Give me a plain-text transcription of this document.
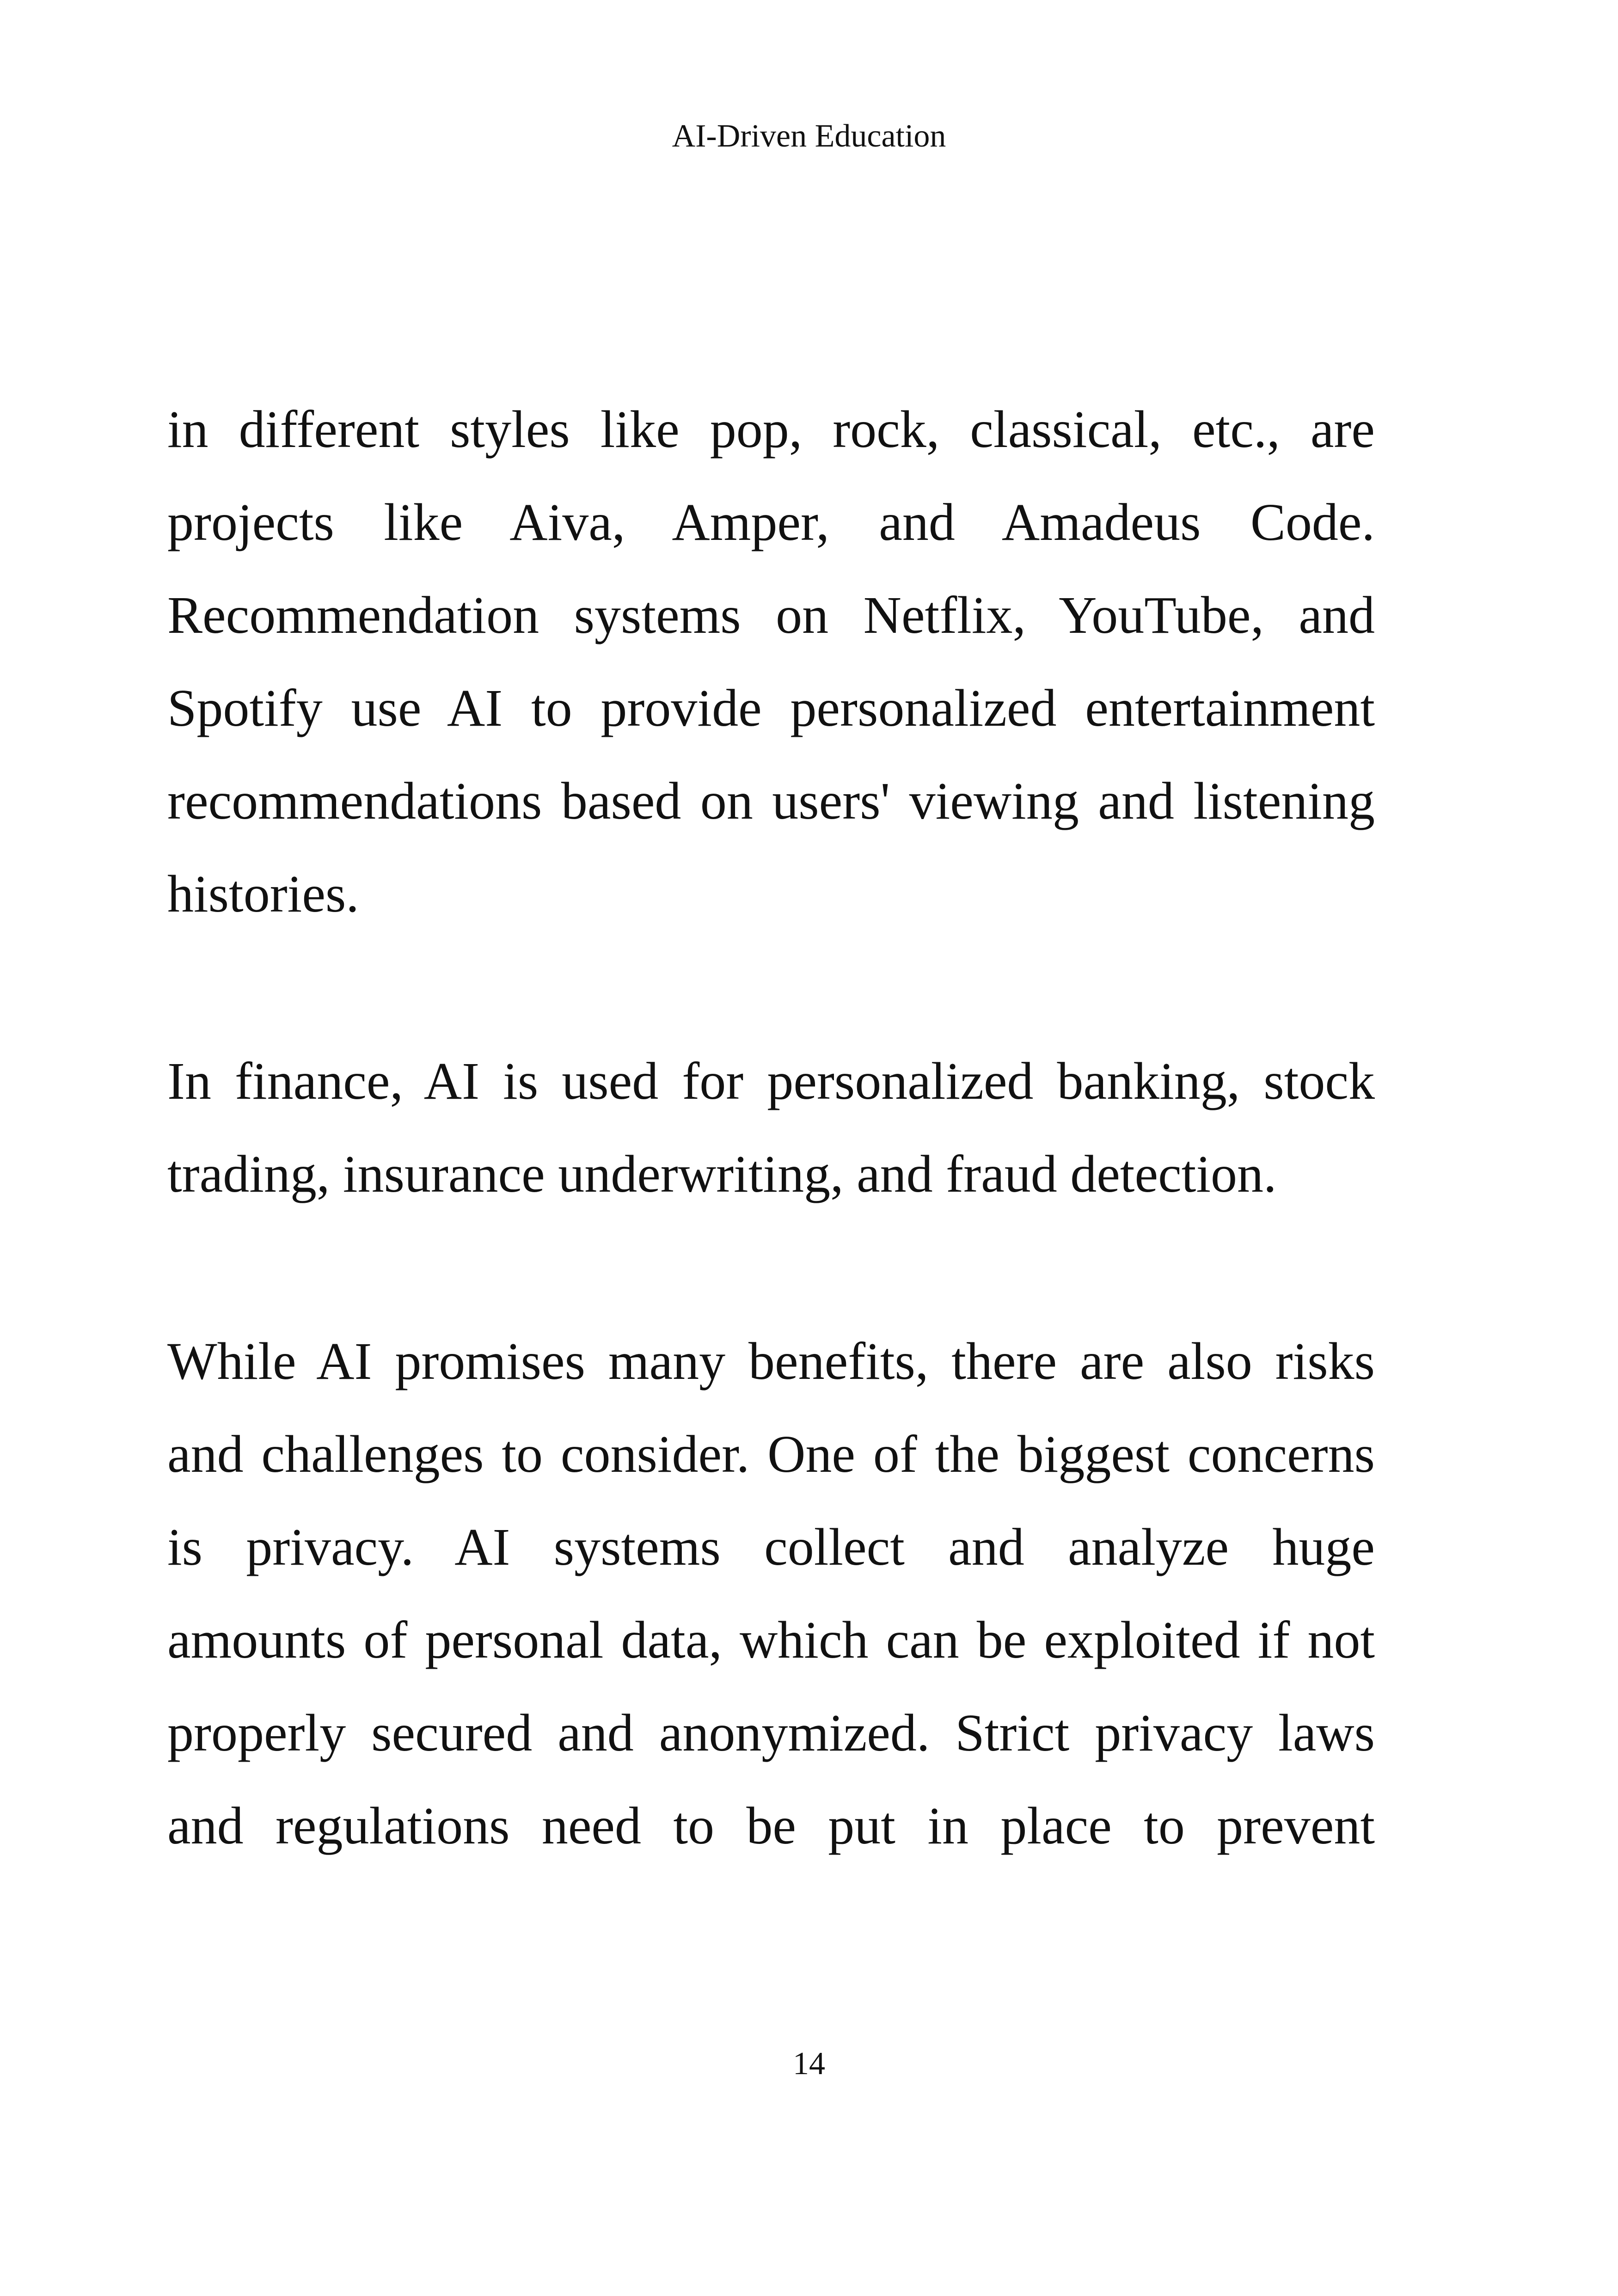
AI-Driven Education
in different styles like pop, rock, classical, etc., are
projects like Aiva, Amper, and Amadeus Code.
Recommendation systems on Netflix, YouTube, and
Spotify use AI to provide personalized entertainment
recommendations based on users' viewing and listening
histories.
In finance, AI is used for personalized banking, stock
trading, insurance underwriting, and fraud detection.
While AI promises many benefits, there are also risks
and challenges to consider. One of the biggest concerns
is privacy. AI systems collect and analyze huge
amounts of personal data, which can be exploited if not
properly secured and anonymized. Strict privacy laws
and regulations need to be put in place to prevent
14
